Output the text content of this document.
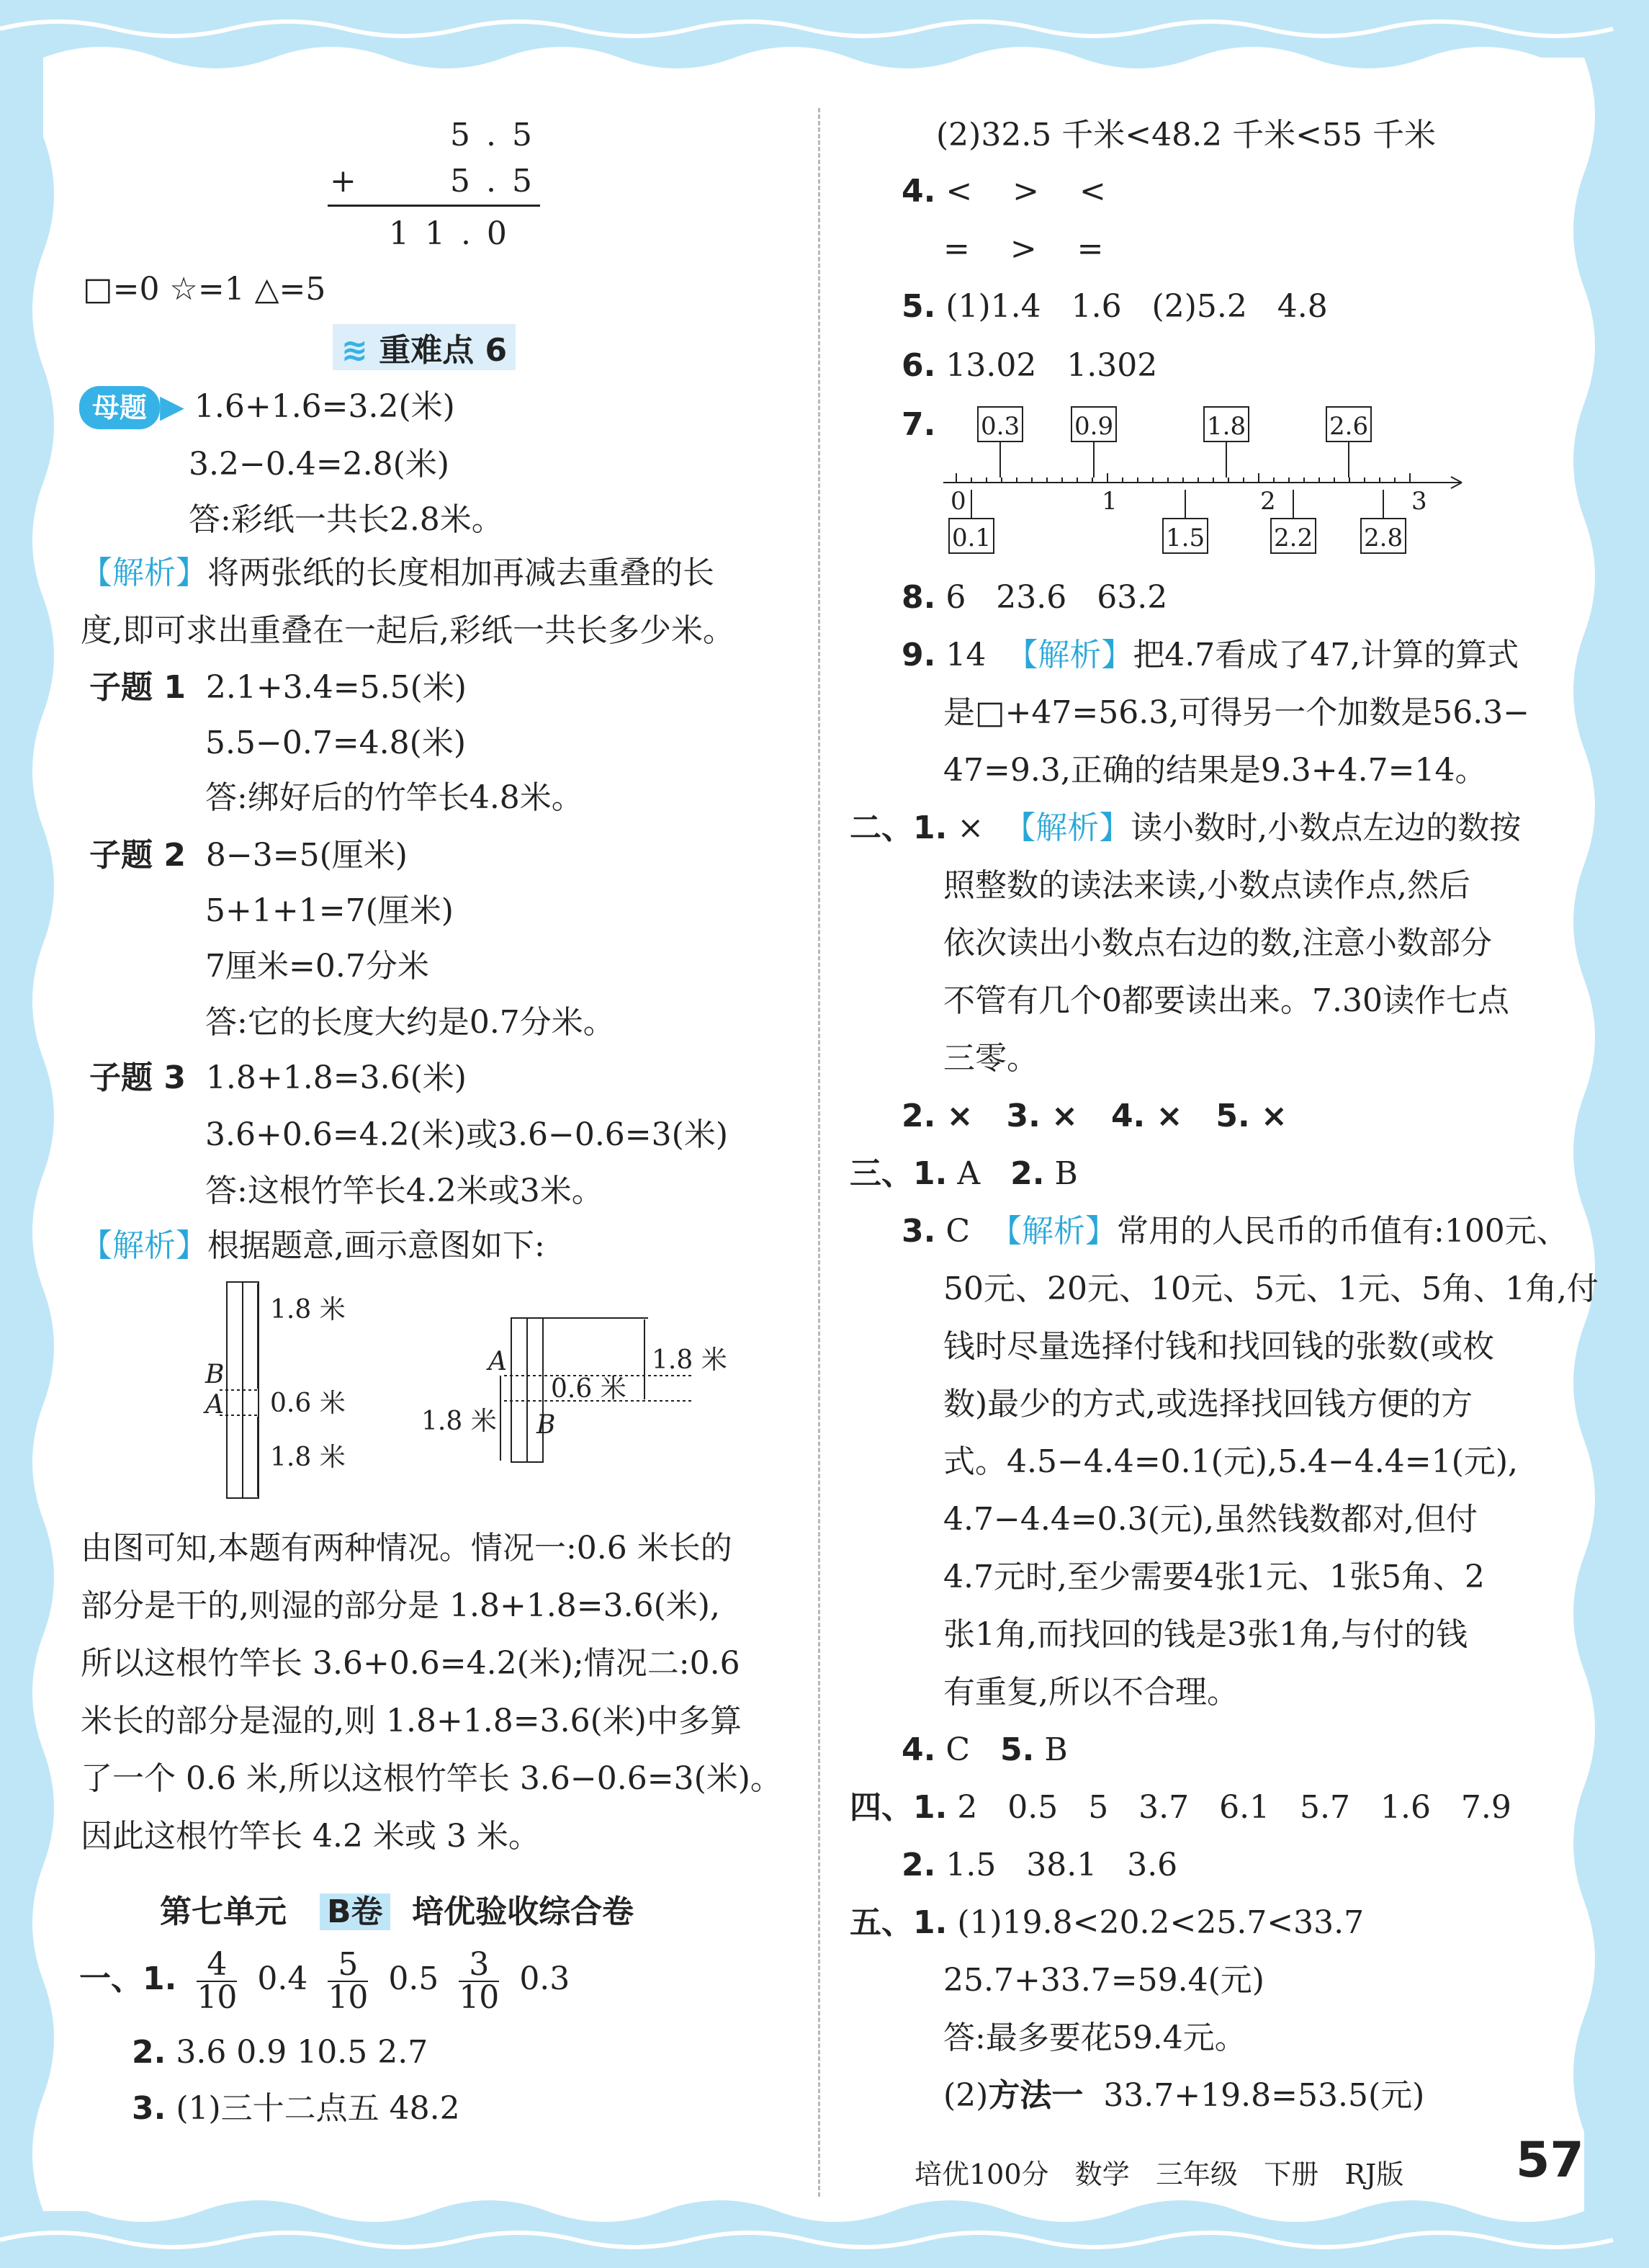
5 . 5
+	5 . 5
1 1 . 0
□=0 ☆=1 △=5
≋ 重难点 6
母题 ▶ 1.6+1.6=3.2(米)
3.2−0.4=2.8(米)
答:彩纸一共长2.8米。
【解析】将两张纸的长度相加再减去重叠的长
度,即可求出重叠在一起后,彩纸一共长多少米。
子题 1 2.1+3.4=5.5(米)
5.5−0.7=4.8(米)
答:绑好后的竹竿长4.8米。
子题 2 8−3=5(厘米)
5+1+1=7(厘米)
7厘米=0.7分米
答:它的长度大约是0.7分米。
子题 3 1.8+1.8=3.6(米)
3.6+0.6=4.2(米)或3.6−0.6=3(米)
答:这根竹竿长4.2米或3米。
【解析】根据题意,画示意图如下:
1.8 米
0.6 米
1.8 米
B
A
1.8 米
0.6 米
1.8 米
A
B
由图可知,本题有两种情况。情况一:0.6 米长的
部分是干的,则湿的部分是 1.8+1.8=3.6(米),
所以这根竹竿长 3.6+0.6=4.2(米);情况二:0.6
米长的部分是湿的,则 1.8+1.8=3.6(米)中多算
了一个 0.6 米,所以这根竹竿长 3.6−0.6=3(米)。
因此这根竹竿长 4.2 米或 3 米。
第七单元 B卷 培优验收综合卷
一、1. $\frac{4}{10} 0.4 \frac{5}{10} 0.5 \frac{3}{10} 0.3$
2. 3.6 0.9 10.5 2.7
3. (1)三十二点五 48.2
(2)32.5 千米<48.2 千米<55 千米
4. <    >    <
=    >    =
5. (1)1.4   1.6   (2)5.2   4.8
6. 13.02   1.302
7. 0.3 0.9	1.8	2.6
0.1	1.5	2.2 2.8
0	1	2	3
8. 6   23.6   63.2
9. 14 【解析】把4.7看成了47,计算的算式
是□+47=56.3,可得另一个加数是56.3−
47=9.3,正确的结果是9.3+4.7=14。
二、1. × 【解析】读小数时,小数点左边的数按
照整数的读法来读,小数点读作点,然后
依次读出小数点右边的数,注意小数部分
不管有几个0都要读出来。7.30读作七点
三零。
2. ×   3. ×   4. ×   5. ×
三、1. A 2. B
3. C 【解析】常用的人民币的币值有:100元、
50元、20元、10元、5元、1元、5角、1角,付
钱时尽量选择付钱和找回钱的张数(或枚
数)最少的方式,或选择找回钱方便的方
式。4.5−4.4=0.1(元),5.4−4.4=1(元),
4.7−4.4=0.3(元),虽然钱数都对,但付
4.7元时,至少需要4张1元、1张5角、2
张1角,而找回的钱是3张1角,与付的钱
有重复,所以不合理。
4. C 5. B
四、1. 2   0.5   5   3.7   6.1   5.7   1.6   7.9
2. 1.5   38.1   3.6
五、1. (1)19.8<20.2<25.7<33.7
25.7+33.7=59.4(元)
答:最多要花59.4元。
(2)方法一 33.7+19.8=53.5(元)
培优100分   数学   三年级   下册   RJ版 57
